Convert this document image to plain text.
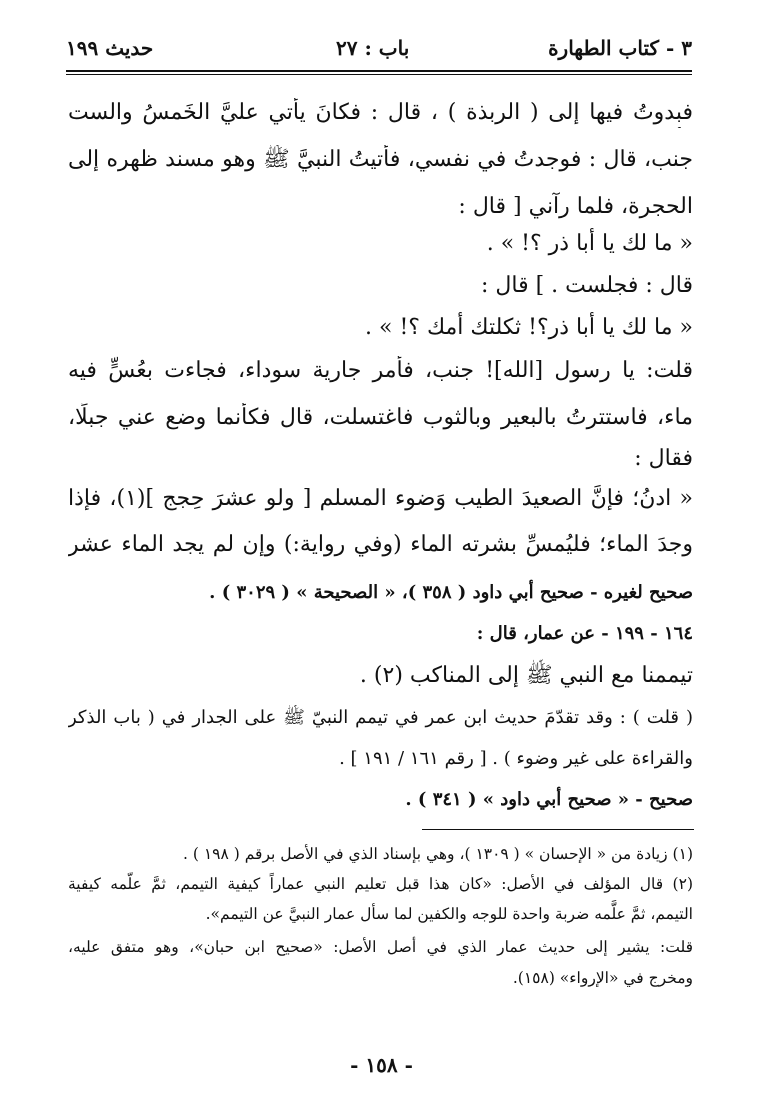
٣ - كتاب الطهارة
باب : ٢٧
حديث ١٩٩
فبدوتُ فيها إلى ( الربذة ) ، قال : فكانَ يأتي عليَّ الخَمسُ والست
جنب، قال : فوجدتُ في نفسي، فأتيتُ النبيَّ ﷺ وهو مسند ظهره إلى
الحجرة، فلما رآني [ قال :
« ما لك يا أبا ذر ؟! » .
قال : فجلست . ] قال :
« ما لك يا أبا ذر؟! ثكلتك أمك ؟! » .
قلت: يا رسول [الله]! جنب، فأمر جارية سوداء، فجاءت بعُسٍّ فيه
ماء، فاستترتُ بالبعير وبالثوب فاغتسلت، قال فكأنما وضع عني جبلًا،
فقال :
« ادنُ؛ فإنَّ الصعيدَ الطيب وَضوء المسلم [ ولو عشرَ حِجج ](١)، فإذا
وجدَ الماء؛ فليُمسِّ بشرته الماء (وفي رواية:) وإن لم يجد الماء عشر
صحيح لغيره - صحيح أبي داود ( ٣٥٨ )، « الصحيحة » ( ٣٠٢٩ ) .
١٦٤ - ١٩٩ - عن عمار، قال :
تيممنا مع النبي ﷺ إلى المناكب (٢) .
( قلت ) : وقد تقدّمَ حديث ابن عمر في تيمم النبيّ ﷺ على الجدار في ( باب الذكر
والقراءة على غير وضوء ) . [ رقم ١٦١ / ١٩١ ] .
صحيح - « صحيح أبي داود » ( ٣٤١ ) .
(١) زيادة من « الإحسان » ( ١٣٠٩ )، وهي بإسناد الذي في الأصل برقم ( ١٩٨ ) .
(٢) قال المؤلف في الأصل: «كان هذا قبل تعليم النبي عماراً كيفية التيمم، ثمَّ علَّمه كيفية
التيمم، ثمَّ علَّمه ضربة واحدة للوجه والكفين لما سأل عمار النبيَّ عن التيمم».
قلت: يشير إلى حديث عمار الذي في أصل الأصل: «صحيح ابن حبان»، وهو متفق عليه،
ومخرج في «الإرواء» (١٥٨).
- ١٥٨ -
